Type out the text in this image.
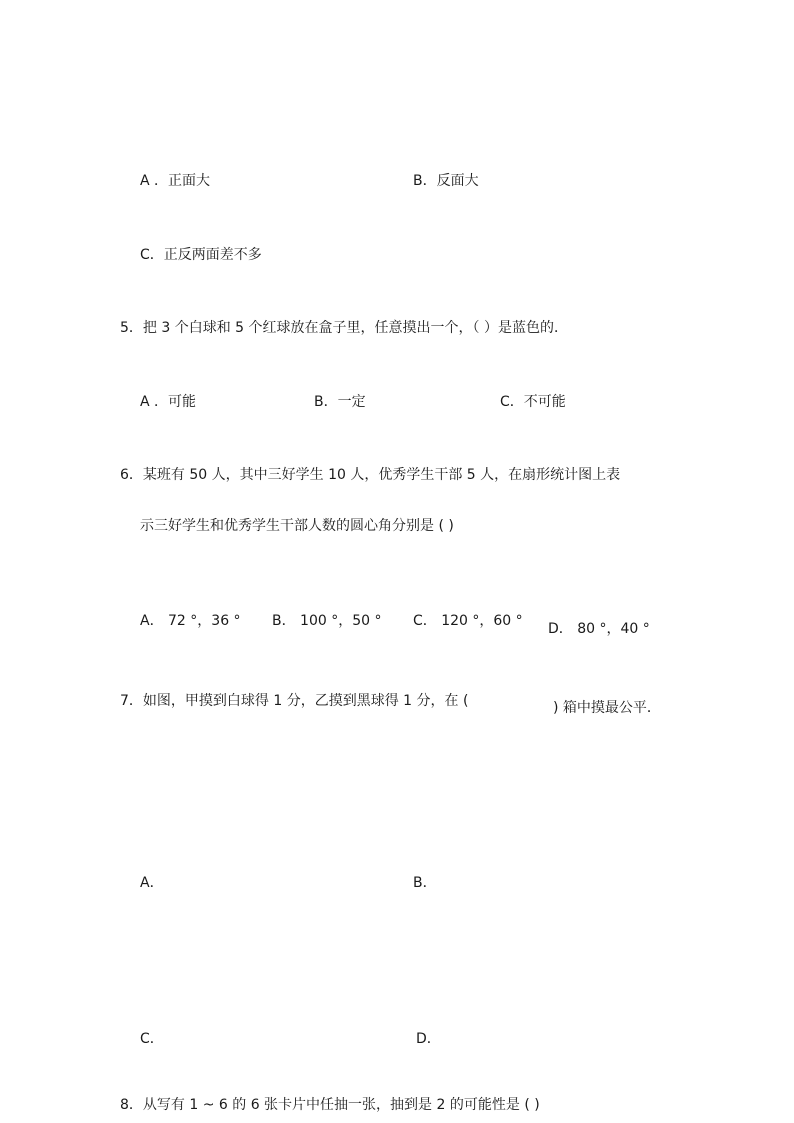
A ．正面大	B．反面大
C．正反两面差不多
5．把 3 个白球和 5 个红球放在盒子里，任意摸出一个，（ ）是蓝色的．
A ．可能	B．一定	C．不可能
6．某班有 50 人，其中三好学生 10 人，优秀学生干部 5 人，在扇形统计图上表
示三好学生和优秀学生干部人数的圆心角分别是 ( )
A． 72 °，36 ° B． 100 °，50 ° C． 120 °，60 ° D． 80 °，40 °
7．如图，甲摸到白球得 1 分，乙摸到黑球得 1 分，在 (	) 箱中摸最公平．
A．	B．
C．	D．
8．从写有 1 ~ 6 的 6 张卡片中任抽一张，抽到是 2 的可能性是 ( )
